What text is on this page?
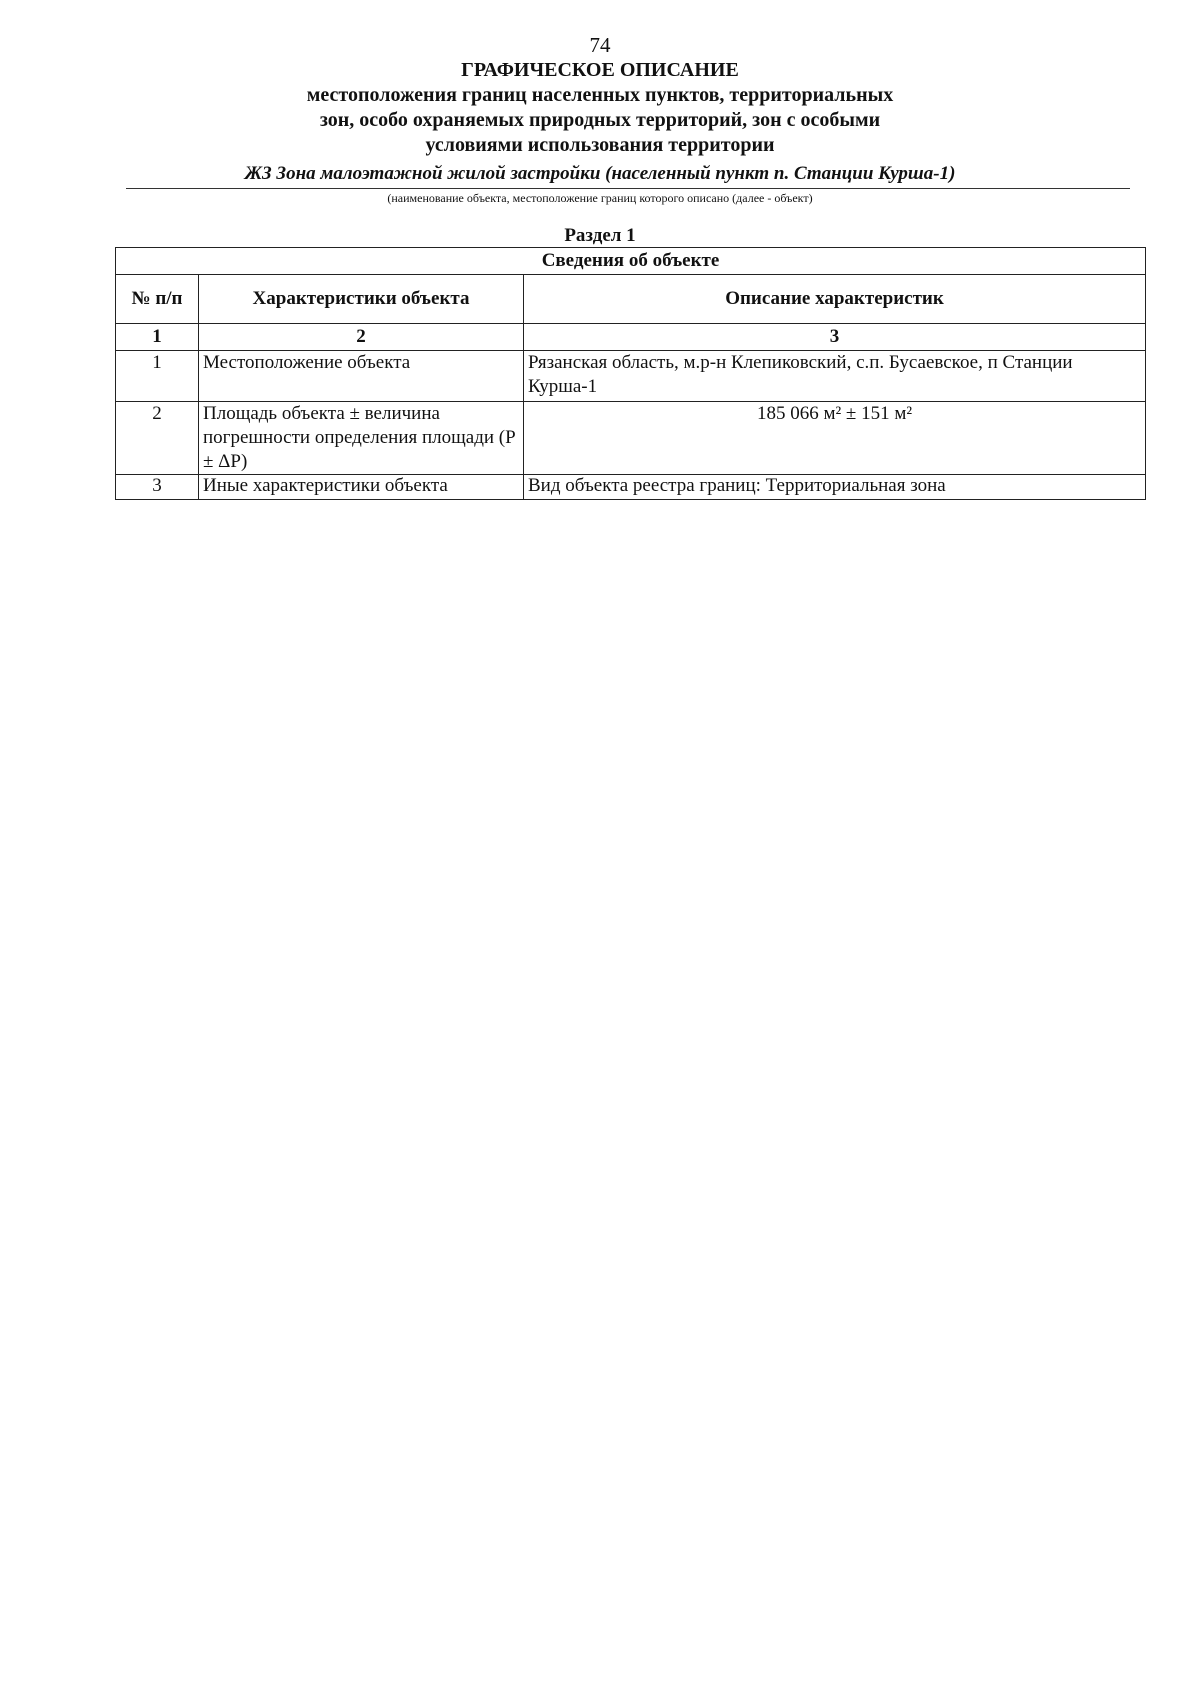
74
ГРАФИЧЕСКОЕ ОПИСАНИЕ
местоположения границ населенных пунктов, территориальных
зон, особо охраняемых природных территорий, зон с особыми
условиями использования территории
ЖЗ Зона малоэтажной жилой застройки (населенный пункт п. Станции Курша-1)
(наименование объекта, местоположение границ которого описано (далее - объект)
Раздел 1
Сведения об объекте		
№ п/п	Характеристики объекта	Описание характеристик
1	2	3
1	Местоположение объекта	Рязанская область, м.р-н Клепиковский, с.п. Бусаевское, п Станции Курша-1
2	Площадь объекта ± величина погрешности определения площади (P ± ΔP)	185 066 м² ± 151 м²
3	Иные характеристики объекта	Вид объекта реестра границ: Территориальная зона
